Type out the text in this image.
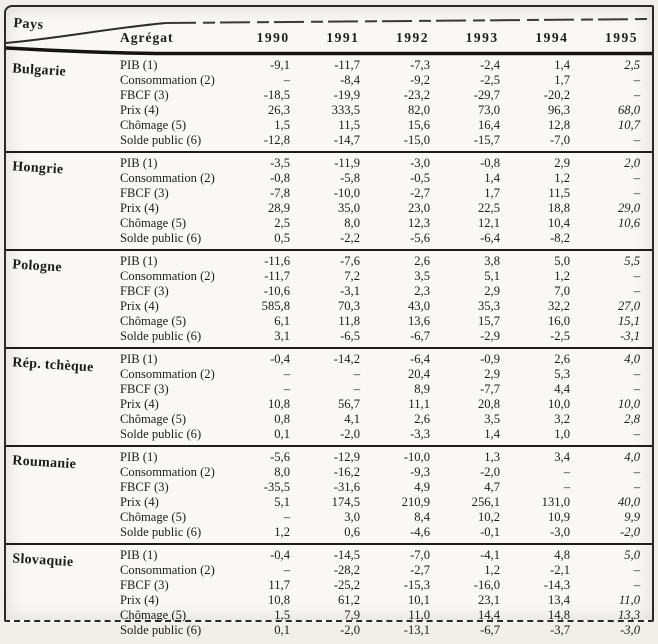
Pays
Agrégat	1990	1991	1992	1993	1994	1995
Bulgarie	PIB (1)	-9,1	-11,7	-7,3	-2,4	1,4	2,5
Consommation (2)	–	-8,4	-9,2	-2,5	1,7	–
FBCF (3)	-18,5	-19,9	-23,2	-29,7	-20,2	–
Prix (4)	26,3	333,5	82,0	73,0	96,3	68,0
Chômage (5)	1,5	11,5	15,6	16,4	12,8	10,7
Solde public (6)	-12,8	-14,7	-15,0	-15,7	-7,0	–
Hongrie	PIB (1)	-3,5	-11,9	-3,0	-0,8	2,9	2,0
Consommation (2)	-0,8	-5,8	-0,5	1,4	1,2	–
FBCF (3)	-7,8	-10,0	-2,7	1,7	11,5	–
Prix (4)	28,9	35,0	23,0	22,5	18,8	29,0
Chômage (5)	2,5	8,0	12,3	12,1	10,4	10,6
Solde public (6)	0,5	-2,2	-5,6	-6,4	-8,2
Pologne	PIB (1)	-11,6	-7,6	2,6	3,8	5,0	5,5
Consommation (2)	-11,7	7,2	3,5	5,1	1,2	–
FBCF (3)	-10,6	-3,1	2,3	2,9	7,0	–
Prix (4)	585,8	70,3	43,0	35,3	32,2	27,0
Chômage (5)	6,1	11,8	13,6	15,7	16,0	15,1
Solde public (6)	3,1	-6,5	-6,7	-2,9	-2,5	-3,1
Rép. tchèque	PIB (1)	-0,4	-14,2	-6,4	-0,9	2,6	4,0
Consommation (2)	–	–	20,4	2,9	5,3	–
FBCF (3)	–	–	8,9	-7,7	4,4	–
Prix (4)	10,8	56,7	11,1	20,8	10,0	10,0
Chômage (5)	0,8	4,1	2,6	3,5	3,2	2,8
Solde public (6)	0,1	-2,0	-3,3	1,4	1,0	–
Roumanie	PIB (1)	-5,6	-12,9	-10,0	1,3	3,4	4,0
Consommation (2)	8,0	-16,2	-9,3	-2,0	–	–
FBCF (3)	-35,5	-31,6	4,9	4,7	–	–
Prix (4)	5,1	174,5	210,9	256,1	131,0	40,0
Chômage (5)	–	3,0	8,4	10,2	10,9	9,9
Solde public (6)	1,2	0,6	-4,6	-0,1	-3,0	-2,0
Slovaquie	PIB (1)	-0,4	-14,5	-7,0	-4,1	4,8	5,0
Consommation (2)	–	-28,2	-2,7	1,2	-2,1	–
FBCF (3)	11,7	-25,2	-15,3	-16,0	-14,3	–
Prix (4)	10,8	61,2	10,1	23,1	13,4	11,0
Chômage (5)	1,5	7,9	11,0	14,4	14,8	13,3
Solde public (6)	0,1	-2,0	-13,1	-6,7	-3,7	-3,0
